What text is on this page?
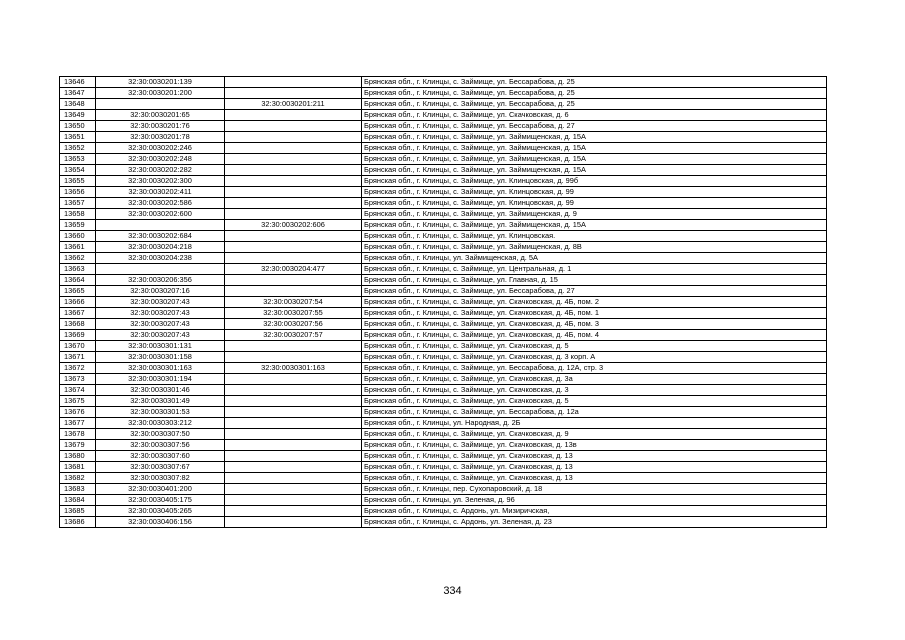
13646	32:30:0030201:139		Брянская обл., г. Клинцы, с. Займище, ул. Бессарабова, д. 25
13647	32:30:0030201:200		Брянская обл., г. Клинцы, с. Займище, ул. Бессарабова, д. 25
13648		32:30:0030201:211	Брянская обл., г. Клинцы, с. Займище, ул. Бессарабова, д. 25
13649	32:30:0030201:65		Брянская обл., г. Клинцы, с. Займище, ул. Скачковская, д. 6
13650	32:30:0030201:76		Брянская обл., г. Клинцы, с. Займище, ул. Бессарабова, д. 27
13651	32:30:0030201:78		Брянская обл., г. Клинцы, с. Займище, ул. Займищенская, д. 15А
13652	32:30:0030202:246		Брянская обл., г. Клинцы, с. Займище, ул. Займищенская, д. 15А
13653	32:30:0030202:248		Брянская обл., г. Клинцы, с. Займище, ул. Займищенская, д. 15А
13654	32:30:0030202:282		Брянская обл., г. Клинцы, с. Займище, ул. Займищенская, д. 15А
13655	32:30:0030202:300		Брянская обл., г. Клинцы, с. Займище, ул. Клинцовская, д. 99б
13656	32:30:0030202:411		Брянская обл., г. Клинцы, с. Займище, ул. Клинцовская, д. 99
13657	32:30:0030202:586		Брянская обл., г. Клинцы, с. Займище, ул. Клинцовская, д. 99
13658	32:30:0030202:600		Брянская обл., г. Клинцы, с. Займище, ул. Займищенская, д. 9
13659		32:30:0030202:606	Брянская обл., г. Клинцы, с. Займище, ул. Займищенская, д. 15А
13660	32:30:0030202:684		Брянская обл., г. Клинцы, с. Займище, ул. Клинцовская.
13661	32:30:0030204:218		Брянская обл., г. Клинцы, с. Займище, ул. Займищенская, д. 8В
13662	32:30:0030204:238		Брянская обл., г. Клинцы, ул. Займищенская, д. 5А
13663		32:30:0030204:477	Брянская обл., г. Клинцы, с. Займище, ул. Центральная, д. 1
13664	32:30:0030206:356		Брянская обл., г. Клинцы, с. Займище, ул. Главная, д. 15
13665	32:30:0030207:16		Брянская обл., г. Клинцы, с. Займище, ул. Бессарабова, д. 27
13666	32:30:0030207:43	32:30:0030207:54	Брянская обл., г. Клинцы, с. Займище, ул. Скачковская, д. 4Б, пом. 2
13667	32:30:0030207:43	32:30:0030207:55	Брянская обл., г. Клинцы, с. Займище, ул. Скачковская, д. 4Б, пом. 1
13668	32:30:0030207:43	32:30:0030207:56	Брянская обл., г. Клинцы, с. Займище, ул. Скачковская, д. 4Б, пом. 3
13669	32:30:0030207:43	32:30:0030207:57	Брянская обл., г. Клинцы, с. Займище, ул. Скачковская, д. 4Б, пом. 4
13670	32:30:0030301:131		Брянская обл., г. Клинцы, с. Займище, ул. Скачковская, д. 5
13671	32:30:0030301:158		Брянская обл., г. Клинцы, с. Займище, ул. Скачковская, д. 3 корп. А
13672	32:30:0030301:163	32:30:0030301:163	Брянская обл., г. Клинцы, с. Займище, ул. Бессарабова, д. 12А, стр. 3
13673	32:30:0030301:194		Брянская обл., г. Клинцы, с. Займище, ул. Скачковская, д. 3а
13674	32:30:0030301:46		Брянская обл., г. Клинцы, с. Займище, ул. Скачковская, д. 3
13675	32:30:0030301:49		Брянская обл., г. Клинцы, с. Займище, ул. Скачковская, д. 5
13676	32:30:0030301:53		Брянская обл., г. Клинцы, с. Займище, ул. Бессарабова, д. 12а
13677	32:30:0030303:212		Брянская обл., г. Клинцы, ул. Народная, д. 2Б
13678	32:30:0030307:50		Брянская обл., г. Клинцы, с. Займище, ул. Скачковская, д. 9
13679	32:30:0030307:56		Брянская обл., г. Клинцы, с. Займище, ул. Скачковская, д. 13в
13680	32:30:0030307:60		Брянская обл., г. Клинцы, с. Займище, ул. Скачковская, д. 13
13681	32:30:0030307:67		Брянская обл., г. Клинцы, с. Займище, ул. Скачковская, д. 13
13682	32:30:0030307:82		Брянская обл., г. Клинцы, с. Займище, ул. Скачковская, д. 13
13683	32:30:0030401:200		Брянская обл., г. Клинцы, пер. Сухопаровский, д. 18
13684	32:30:0030405:175		Брянская обл., г. Клинцы, ул. Зеленая, д. 96
13685	32:30:0030405:265		Брянская обл., г. Клинцы, с. Ардонь, ул. Мизиричская,
13686	32:30:0030406:156		Брянская обл., г. Клинцы, с. Ардонь, ул. Зеленая, д. 23
334
